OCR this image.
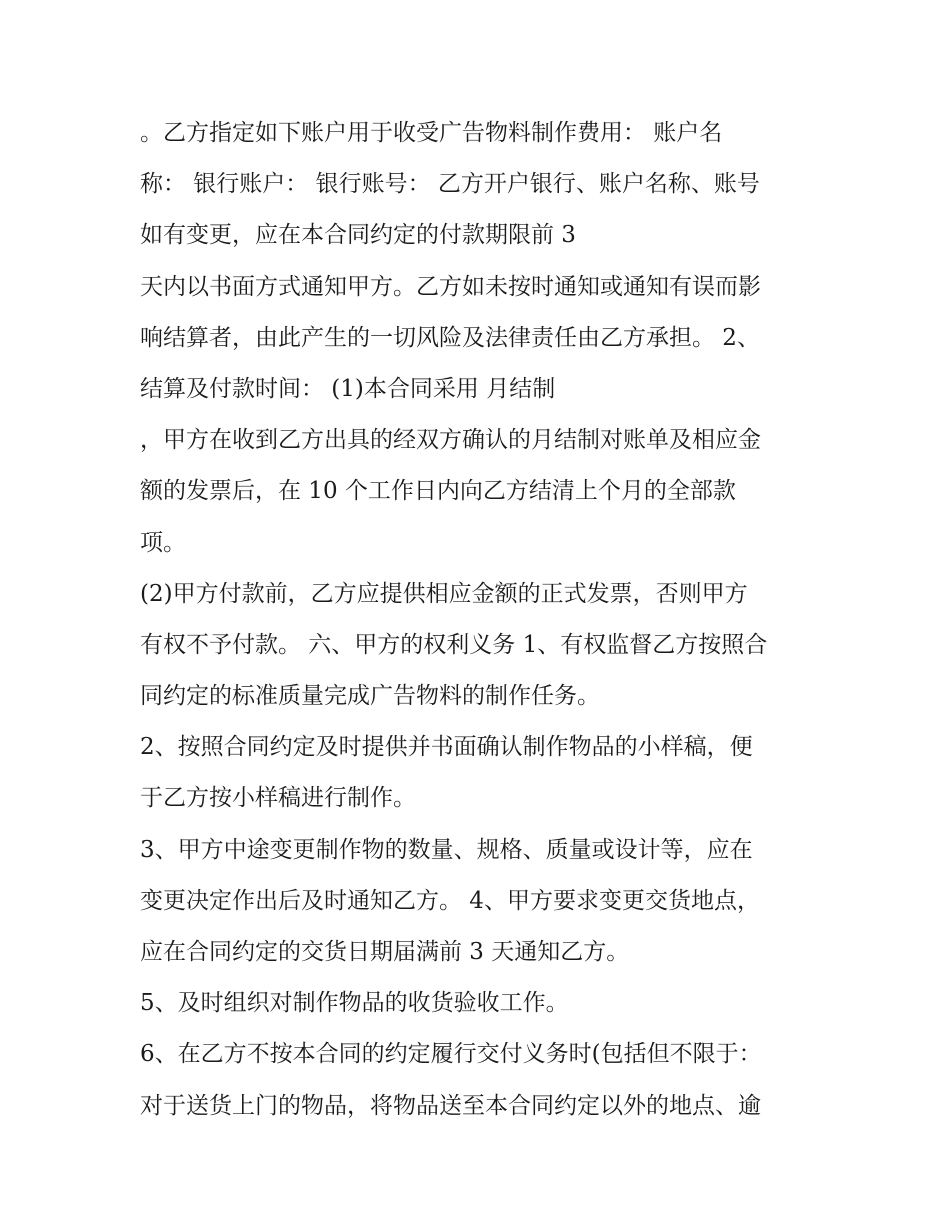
。乙方指定如下账户用于收受广告物料制作费用： 账户名
称： 银行账户： 银行账号： 乙方开户银行、账户名称、账号
如有变更，应在本合同约定的付款期限前 3
天内以书面方式通知甲方。乙方如未按时通知或通知有误而影
响结算者，由此产生的一切风险及法律责任由乙方承担。 2、
结算及付款时间： (1)本合同采用 月结制
，甲方在收到乙方出具的经双方确认的月结制对账单及相应金
额的发票后，在 10 个工作日内向乙方结清上个月的全部款
项。
(2)甲方付款前，乙方应提供相应金额的正式发票，否则甲方
有权不予付款。 六、甲方的权利义务 1、有权监督乙方按照合
同约定的标准质量完成广告物料的制作任务。
2、按照合同约定及时提供并书面确认制作物品的小样稿，便
于乙方按小样稿进行制作。
3、甲方中途变更制作物的数量、规格、质量或设计等，应在
变更决定作出后及时通知乙方。 4、甲方要求变更交货地点，
应在合同约定的交货日期届满前 3 天通知乙方。
5、及时组织对制作物品的收货验收工作。
6、在乙方不按本合同的约定履行交付义务时(包括但不限于：
对于送货上门的物品，将物品送至本合同约定以外的地点、逾
